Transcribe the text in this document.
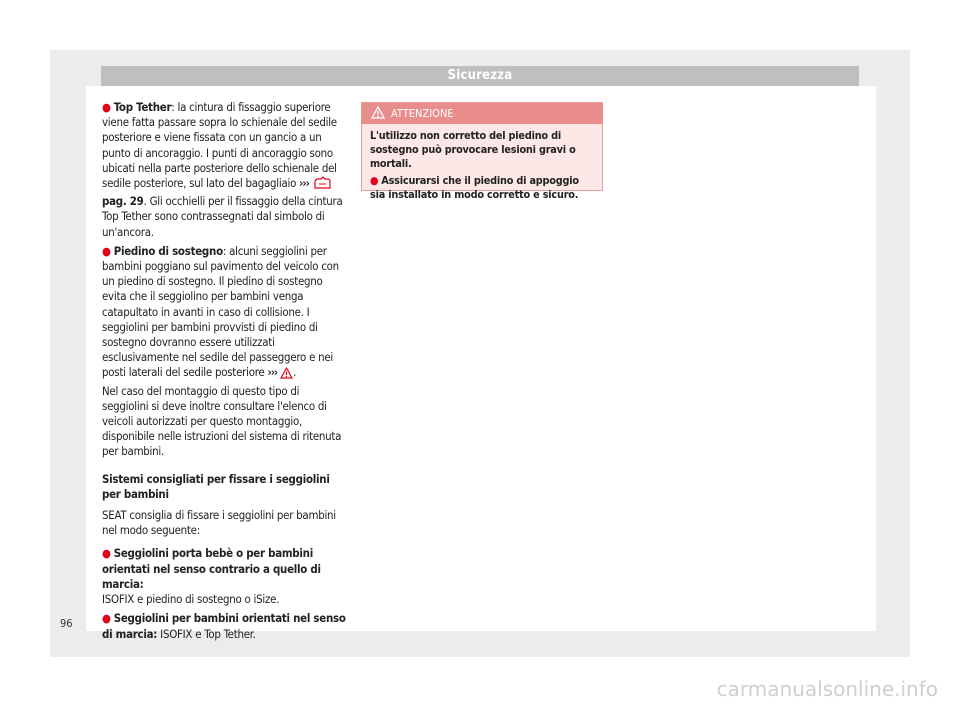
Sicurezza

● Top Tether: la cintura di fissaggio superiore viene fatta passare sopra lo schienale del sedile posteriore e viene fissata con un gancio a un punto di ancoraggio. I punti di ancoraggio sono ubicati nella parte posteriore dello schienale del sedile posteriore, sul lato del bagagliaio ›››  pag. 29. Gli occhielli per il fissaggio della cintura Top Tether sono contrassegnati dal simbolo di un'ancora.

● Piedino di sostegno: alcuni seggiolini per bambini poggiano sul pavimento del veicolo con un piedino di sostegno. Il piedino di sostegno evita che il seggiolino per bambini venga catapultato in avanti in caso di collisione. I seggiolini per bambini provvisti di piedino di sostegno dovranno essere utilizzati esclusivamente nel sedile del passeggero e nei posti laterali del sedile posteriore ››› .
Nel caso del montaggio di questo tipo di seggiolini si deve inoltre consultare l'elenco di veicoli autorizzati per questo montaggio, disponibile nelle istruzioni del sistema di ritenuta per bambini.

Sistemi consigliati per fissare i seggiolini per bambini

SEAT consiglia di fissare i seggiolini per bambini nel modo seguente:

● Seggiolini porta bebè o per bambini orientati nel senso contrario a quello di marcia:
ISOFIX e piedino di sostegno o iSize.

● Seggiolini per bambini orientati nel senso di marcia: ISOFIX e Top Tether.

ATTENZIONE

L'utilizzo non corretto del piedino di sostegno può provocare lesioni gravi o mortali.

● Assicurarsi che il piedino di appoggio sia installato in modo corretto e sicuro.

96
carmanualsonline.info
